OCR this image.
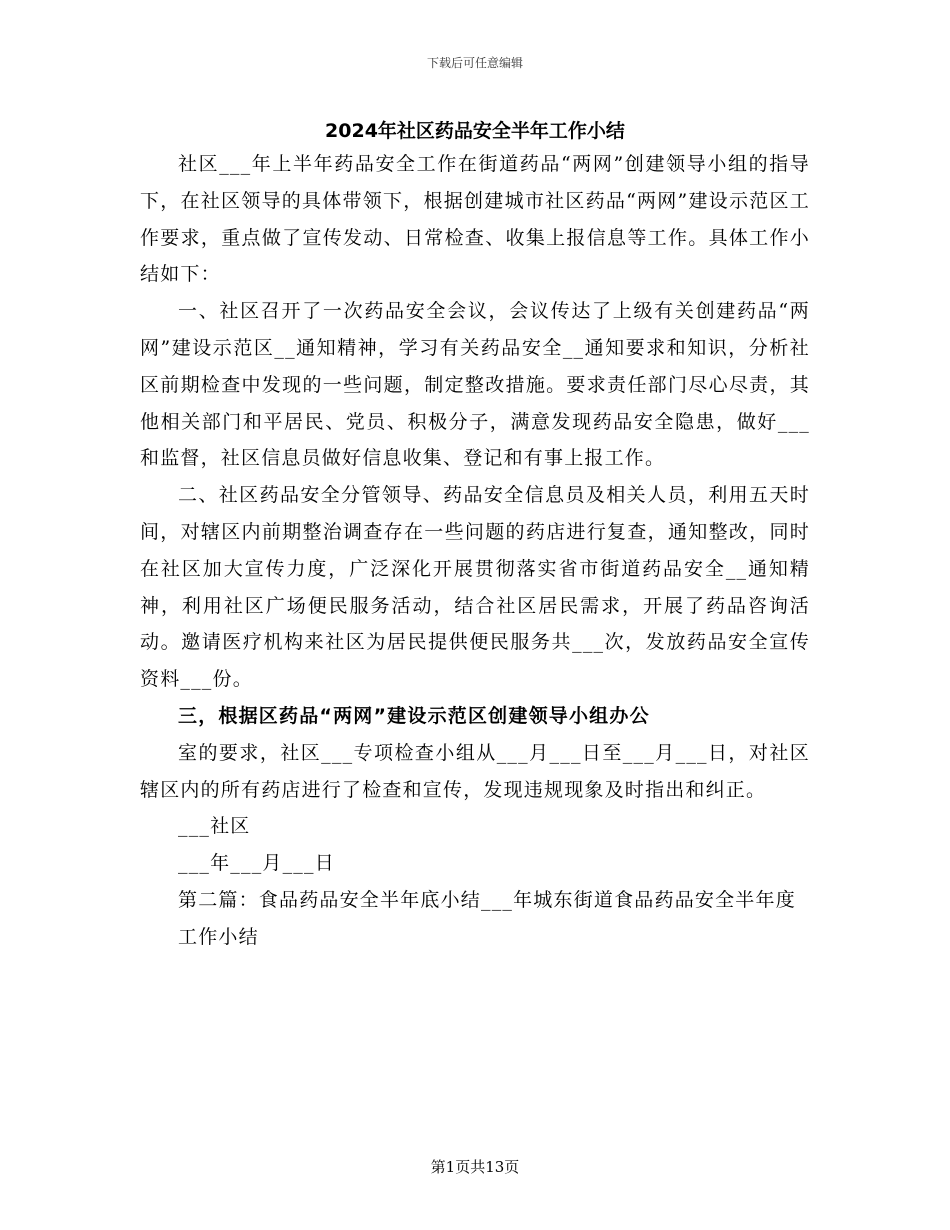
下载后可任意编辑
2024年社区药品安全半年工作小结

社区___年上半年药品安全工作在街道药品“两网”创建领导小组的指导下，在社区领导的具体带领下，根据创建城市社区药品“两网”建设示范区工作要求，重点做了宣传发动、日常检查、收集上报信息等工作。具体工作小结如下：

一、社区召开了一次药品安全会议，会议传达了上级有关创建药品“两网”建设示范区__通知精神，学习有关药品安全__通知要求和知识，分析社区前期检查中发现的一些问题，制定整改措施。要求责任部门尽心尽责，其他相关部门和平居民、党员、积极分子，满意发现药品安全隐患，做好___和监督，社区信息员做好信息收集、登记和有事上报工作。

二、社区药品安全分管领导、药品安全信息员及相关人员，利用五天时间，对辖区内前期整治调查存在一些问题的药店进行复查，通知整改，同时在社区加大宣传力度，广泛深化开展贯彻落实省市街道药品安全__通知精神，利用社区广场便民服务活动，结合社区居民需求，开展了药品咨询活动。邀请医疗机构来社区为居民提供便民服务共___次，发放药品安全宣传资料___份。

三，根据区药品“两网”建设示范区创建领导小组办公

室的要求，社区___专项检查小组从___月___日至___月___日，对社区辖区内的所有药店进行了检查和宣传，发现违规现象及时指出和纠正。

___社区

___年___月___日

第二篇：食品药品安全半年底小结___年城东街道食品药品安全半年度

工作小结

第1页共13页
